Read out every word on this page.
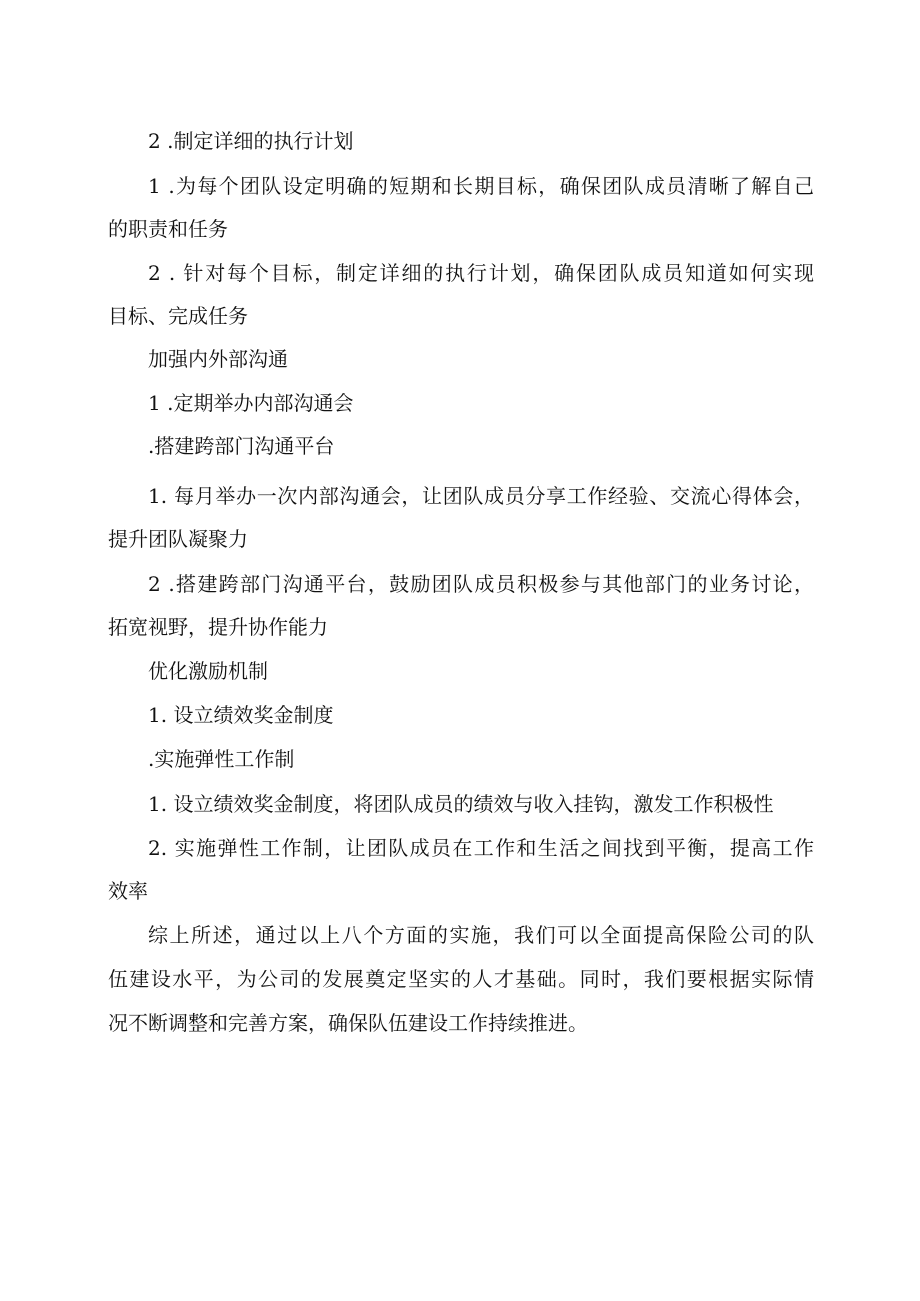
2 .制定详细的执行计划
1 .为每个团队设定明确的短期和长期目标，确保团队成员清晰了解自己
的职责和任务
2 . 针对每个目标，制定详细的执行计划，确保团队成员知道如何实现
目标、完成任务
加强内外部沟通
1 .定期举办内部沟通会
.搭建跨部门沟通平台
1. 每月举办一次内部沟通会，让团队成员分享工作经验、交流心得体会，
提升团队凝聚力
2 .搭建跨部门沟通平台，鼓励团队成员积极参与其他部门的业务讨论，
拓宽视野，提升协作能力
优化激励机制
1. 设立绩效奖金制度
.实施弹性工作制
1. 设立绩效奖金制度，将团队成员的绩效与收入挂钩，激发工作积极性
2. 实施弹性工作制，让团队成员在工作和生活之间找到平衡，提高工作
效率
综上所述，通过以上八个方面的实施，我们可以全面提高保险公司的队
伍建设水平，为公司的发展奠定坚实的人才基础。同时，我们要根据实际情
况不断调整和完善方案，确保队伍建设工作持续推进。
